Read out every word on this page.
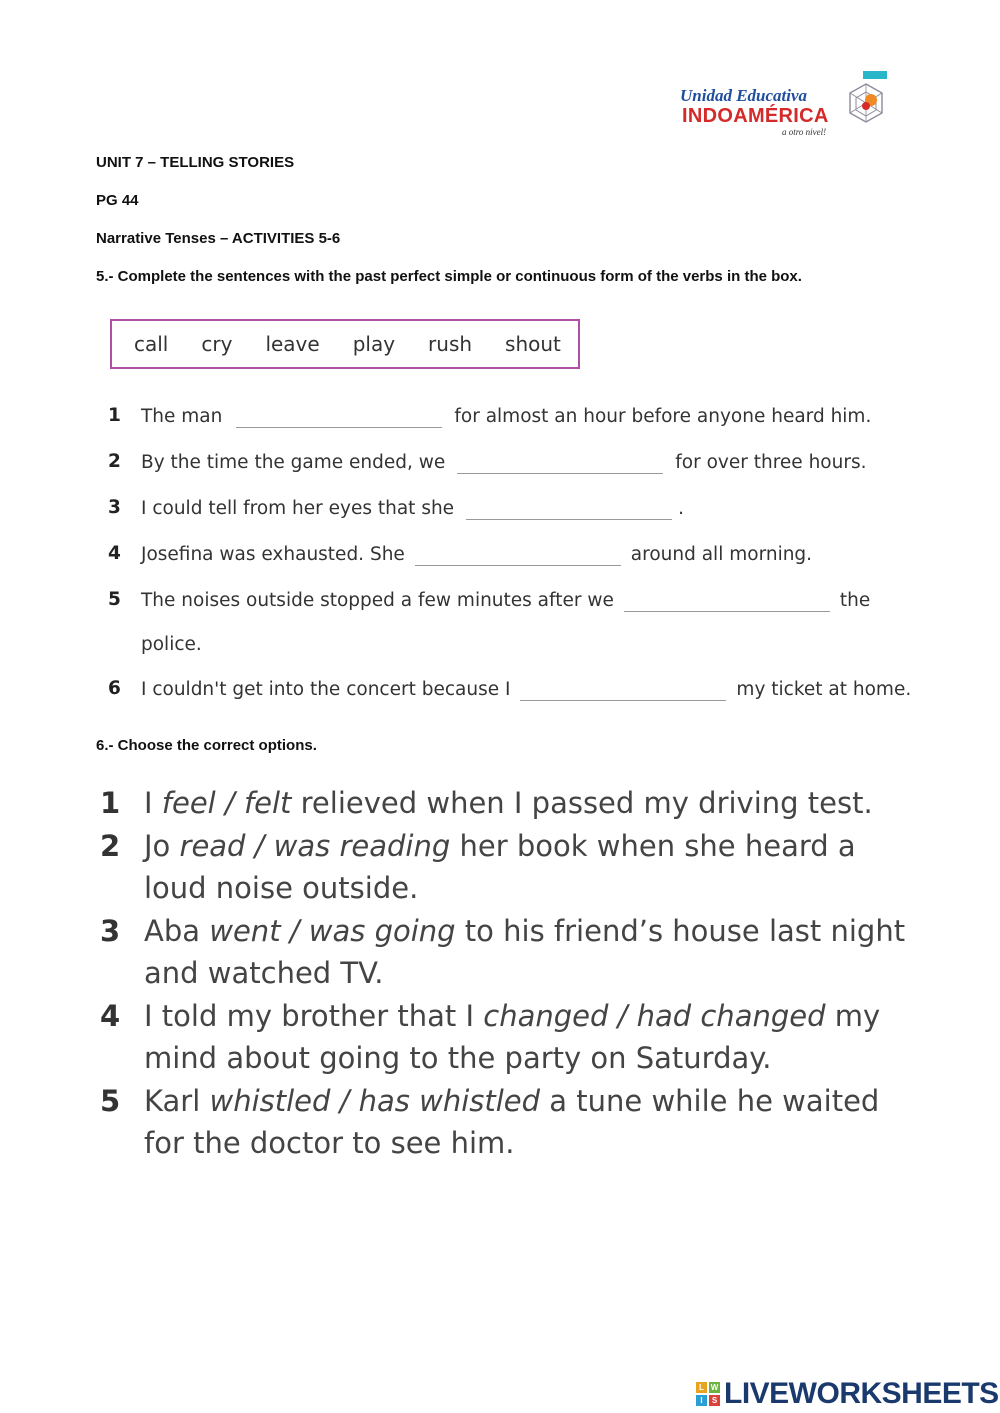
Unidad Educativa
INDOAMÉRICA
a otro nivel!
UNIT 7 – TELLING STORIES
PG 44
Narrative Tenses – ACTIVITIES 5-6
5.- Complete the sentences with the past perfect simple or continuous form of the verbs in the box.
call cry leave play rush shout
1 The man	for almost an hour before anyone heard him.
2 By the time the game ended, we	for over three hours.
3 I could tell from her eyes that she	.
4 Josefina was exhausted. She	around all morning.
5 The noises outside stopped a few minutes after we	the
police.
6 I couldn't get into the concert because I	my ticket at home.
6.- Choose the correct options.
1 I feel / felt relieved when I passed my driving test.
2 Jo read / was reading her book when she heard a
loud noise outside.
3 Aba went / was going to his friend’s house last night
and watched TV.
4 I told my brother that I changed / had changed my
mind about going to the party on Saturday.
5 Karl whistled / has whistled a tune while he waited
for the doctor to see him.
L W
I	S LIVEWORKSHEETS
